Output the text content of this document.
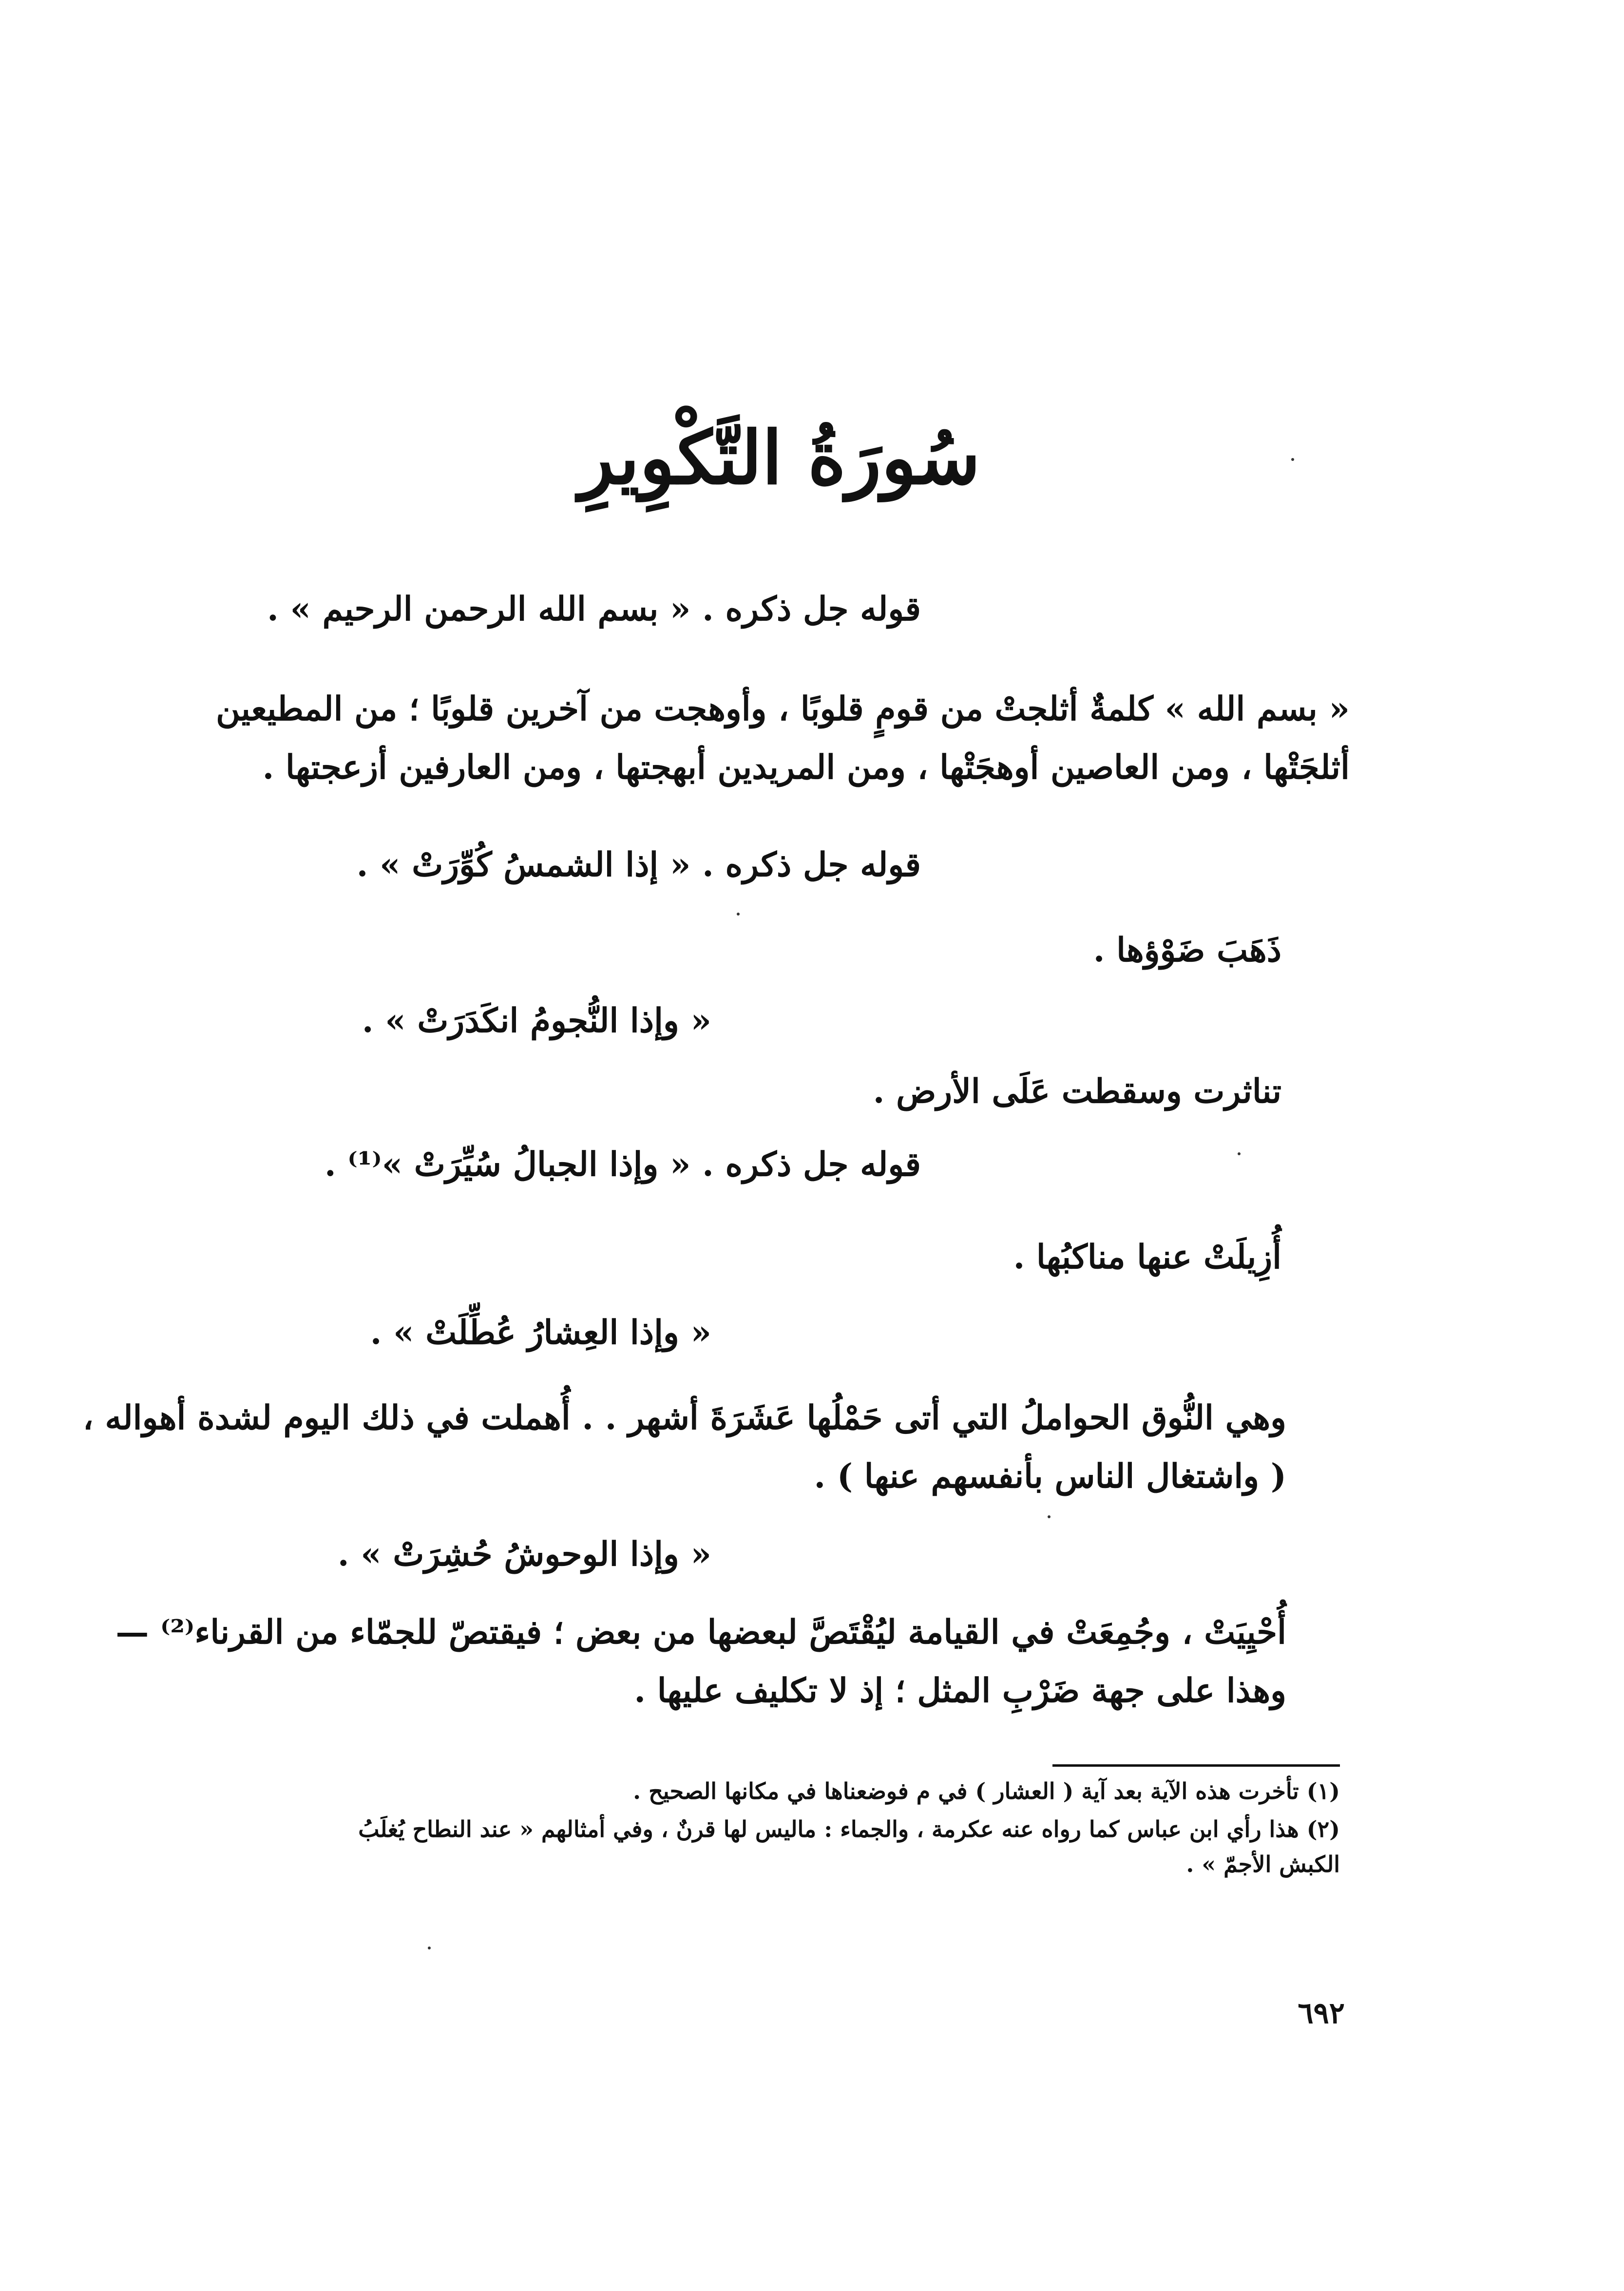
سُورَةُ التَّكْوِيرِ
قوله جل ذكره . « بسم الله الرحمن الرحيم » .
« بسم الله » كلمةٌ أثلجتْ من قومٍ قلوبًا ، وأوهجت من آخرين قلوبًا ؛ من المطيعين
أثلجَتْها ، ومن العاصين أوهجَتْها ، ومن المريدين أبهجتها ، ومن العارفين أزعجتها .
قوله جل ذكره . « إذا الشمسُ كُوِّرَتْ » .
ذَهَبَ ضَوْؤها .
« وإذا النُّجومُ انكَدَرَتْ » .
تناثرت وسقطت عَلَى الأرض .
قوله جل ذكره . « وإذا الجبالُ سُيِّرَتْ »⁽¹⁾ .
أُزِيلَتْ عنها مناكبُها .
« وإذا العِشارُ عُطِّلَتْ » .
وهي النُّوق الحواملُ التي أتى حَمْلُها عَشَرَةَ أشهر . . أُهملت في ذلك اليوم لشدة أهواله ،
( واشتغال الناس بأنفسهم عنها ) .
« وإذا الوحوشُ حُشِرَتْ » .
أُحْيِيَتْ ، وجُمِعَتْ في القيامة ليُقْتَصَّ لبعضها من بعض ؛ فيقتصّ للجمّاء من القرناء⁽²⁾ —
وهذا على جهة ضَرْبِ المثل ؛ إذ لا تكليف عليها .
(١) تأخرت هذه الآية بعد آية ( العشار ) في م فوضعناها في مكانها الصحيح .
(٢) هذا رأي ابن عباس كما رواه عنه عكرمة ، والجماء : ماليس لها قرنٌ ، وفي أمثالهم « عند النطاح يُغلَبُ
الكبش الأجمّ » .
٦٩٢
